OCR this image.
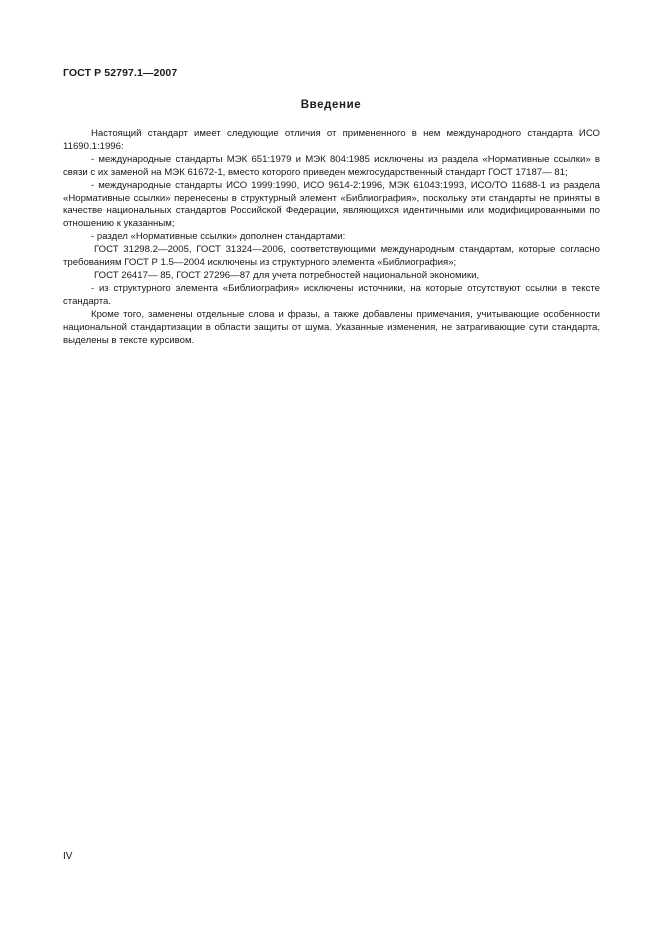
ГОСТ Р 52797.1—2007
Введение

Настоящий стандарт имеет следующие отличия от примененного в нем международного стандарта ИСО 11690.1:1996:

- международные стандарты МЭК 651:1979 и МЭК 804:1985 исключены из раздела «Нормативные ссылки» в связи с их заменой на МЭК 61672-1, вместо которого приведен межгосударственный стандарт ГОСТ 17187— 81;

- международные стандарты ИСО 1999:1990, ИСО 9614-2:1996, МЭК 61043:1993, ИСО/ТО 11688-1 из раздела «Нормативные ссылки» перенесены в структурный элемент «Библиография», поскольку эти стандарты не приняты в качестве национальных стандартов Российской Федерации, являющихся идентичными или модифицированными по отношению к указанным;

- раздел «Нормативные ссылки» дополнен стандартами:

ГОСТ 31298.2—2005, ГОСТ 31324—2006, соответствующими международным стандартам, которые согласно требованиям ГОСТ Р 1.5—2004 исключены из структурного элемента «Библиография»;

ГОСТ 26417— 85, ГОСТ 27296—87 для учета потребностей национальной экономики,

- из структурного элемента «Библиография» исключены источники, на которые отсутствуют ссылки в тексте стандарта.

Кроме того, заменены отдельные слова и фразы, а также добавлены примечания, учитывающие особенности национальной стандартизации в области защиты от шума. Указанные изменения, не затрагивающие сути стандарта, выделены в тексте курсивом.

IV
